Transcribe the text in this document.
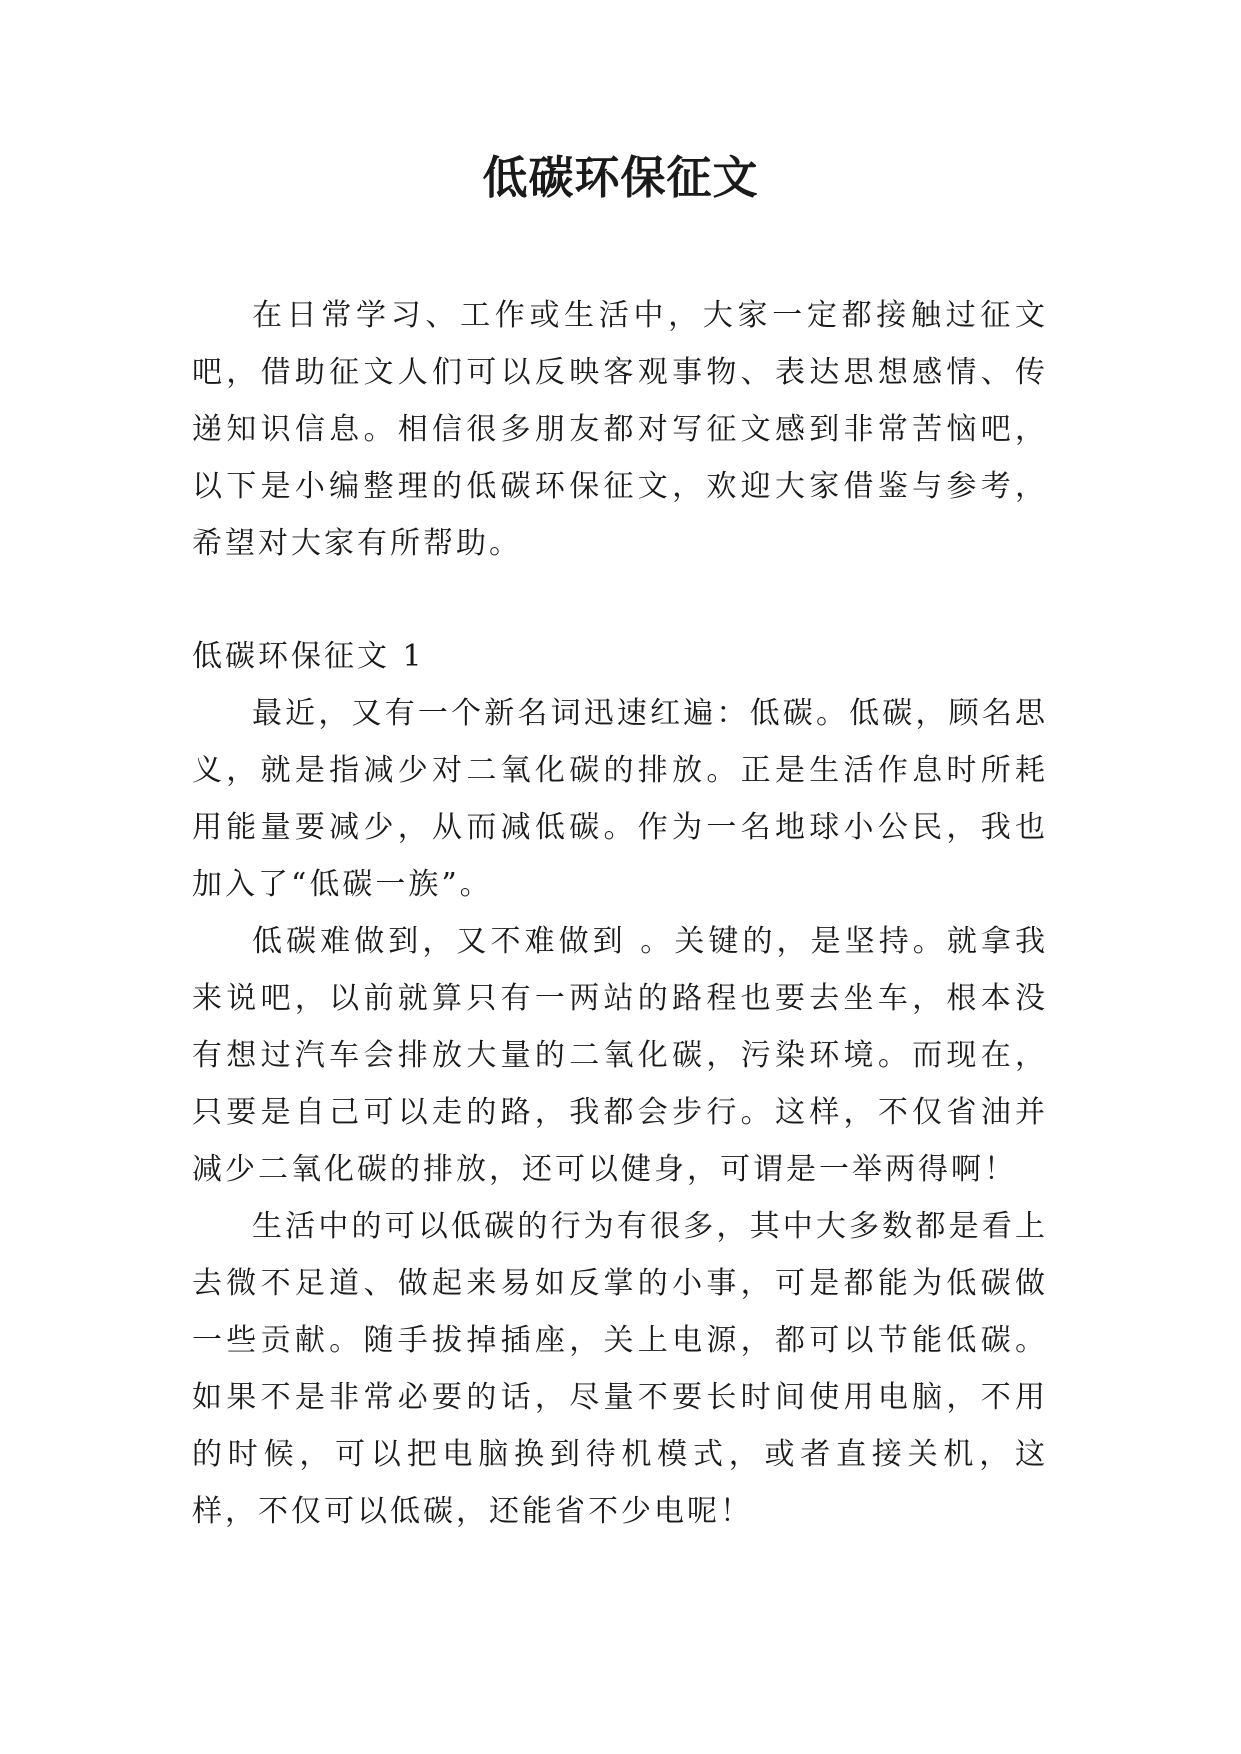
低碳环保征文

在日常学习、工作或生活中，大家一定都接触过征文吧，借助征文人们可以反映客观事物、表达思想感情、传递知识信息。相信很多朋友都对写征文感到非常苦恼吧，以下是小编整理的低碳环保征文，欢迎大家借鉴与参考，希望对大家有所帮助。

低碳环保征文 1

最近，又有一个新名词迅速红遍：低碳。低碳，顾名思义，就是指减少对二氧化碳的排放。正是生活作息时所耗用能量要减少，从而减低碳。作为一名地球小公民，我也加入了“低碳一族”。

低碳难做到，又不难做到 。关键的，是坚持。就拿我来说吧，以前就算只有一两站的路程也要去坐车，根本没有想过汽车会排放大量的二氧化碳，污染环境。而现在，只要是自己可以走的路，我都会步行。这样，不仅省油并减少二氧化碳的排放，还可以健身，可谓是一举两得啊！

生活中的可以低碳的行为有很多，其中大多数都是看上去微不足道、做起来易如反掌的小事，可是都能为低碳做一些贡献。随手拔掉插座，关上电源，都可以节能低碳。如果不是非常必要的话，尽量不要长时间使用电脑，不用的时候，可以把电脑换到待机模式，或者直接关机，这样，不仅可以低碳，还能省不少电呢！
